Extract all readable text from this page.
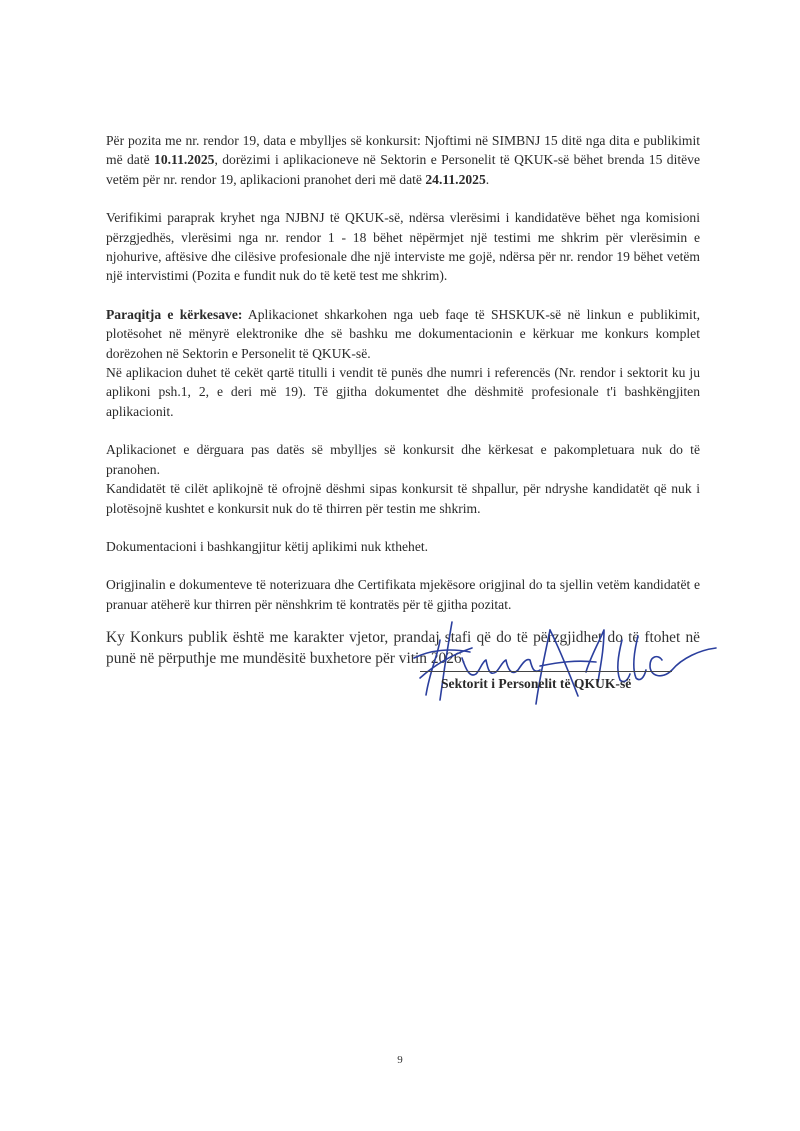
Për pozita me nr. rendor 19, data e mbylljes së konkursit: Njoftimi në SIMBNJ 15 ditë nga dita e publikimit më datë 10.11.2025, dorëzimi i aplikacioneve në Sektorin e Personelit të QKUK-së bëhet brenda 15 ditëve vetëm për nr. rendor 19, aplikacioni pranohet deri më datë 24.11.2025.

Verifikimi paraprak kryhet nga NJBNJ të QKUK-së, ndërsa vlerësimi i kandidatëve bëhet nga komisioni përzgjedhës, vlerësimi nga nr. rendor 1 - 18 bëhet nëpërmjet një testimi me shkrim për vlerësimin e njohurive, aftësive dhe cilësive profesionale dhe një interviste me gojë, ndërsa për nr. rendor 19 bëhet vetëm një intervistimi (Pozita e fundit nuk do të ketë test me shkrim).

Paraqitja e kërkesave: Aplikacionet shkarkohen nga ueb faqe të SHSKUK-së në linkun e publikimit, plotësohet në mënyrë elektronike dhe së bashku me dokumentacionin e kërkuar me konkurs komplet dorëzohen në Sektorin e Personelit të QKUK-së.

Në aplikacion duhet të cekët qartë titulli i vendit të punës dhe numri i referencës (Nr. rendor i sektorit ku ju aplikoni psh.1, 2, e deri më 19). Të gjitha dokumentet dhe dëshmitë profesionale t'i bashkëngjiten aplikacionit.

Aplikacionet e dërguara pas datës së mbylljes së konkursit dhe kërkesat e pakompletuara nuk do të pranohen.

Kandidatët të cilët aplikojnë të ofrojnë dëshmi sipas konkursit të shpallur, për ndryshe kandidatët që nuk i plotësojnë kushtet e konkursit nuk do të thirren për testin me shkrim.

Dokumentacioni i bashkangjitur këtij aplikimi nuk kthehet.

Origjinalin e dokumenteve të noterizuara dhe Certifikata mjekësore origjinal do ta sjellin vetëm kandidatët e pranuar atëherë kur thirren për nënshkrim të kontratës për të gjitha pozitat.

Ky Konkurs publik është me karakter vjetor, prandaj stafi që do të përzgjidhet do të ftohet në punë në përputhje me mundësitë buxhetore për vitin 2026.

Sektorit i Personelit të QKUK-së
9
